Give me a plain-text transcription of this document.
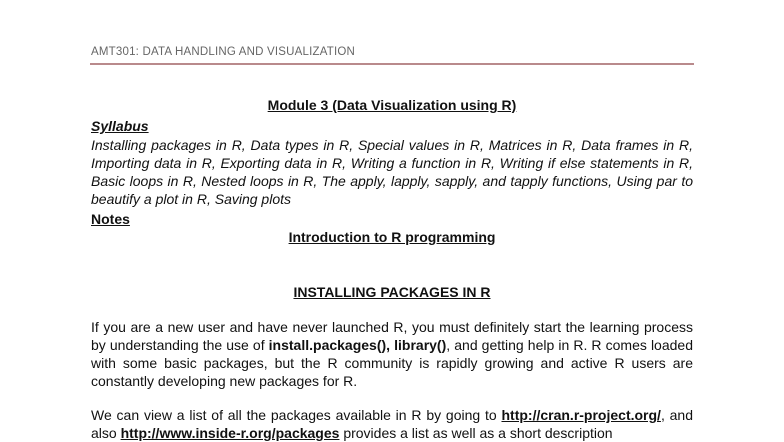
AMT301: DATA HANDLING AND VISUALIZATION
Module 3 (Data Visualization using R)
Syllabus
Installing packages in R, Data types in R, Special values in R, Matrices in R, Data frames in R, Importing data in R, Exporting data in R, Writing a function in R, Writing if else statements in R, Basic loops in R, Nested loops in R, The apply, lapply, sapply, and tapply functions, Using par to beautify a plot in R, Saving plots
Notes
Introduction to R programming
INSTALLING PACKAGES IN R
If you are a new user and have never launched R, you must definitely start the learning process by understanding the use of install.packages(), library(), and getting help in R. R comes loaded with some basic packages, but the R community is rapidly growing and active R users are constantly developing new packages for R.
We can view a list of all the packages available in R by going to http://cran.r-project.org/, and also http://www.inside-r.org/packages provides a list as well as a short description
